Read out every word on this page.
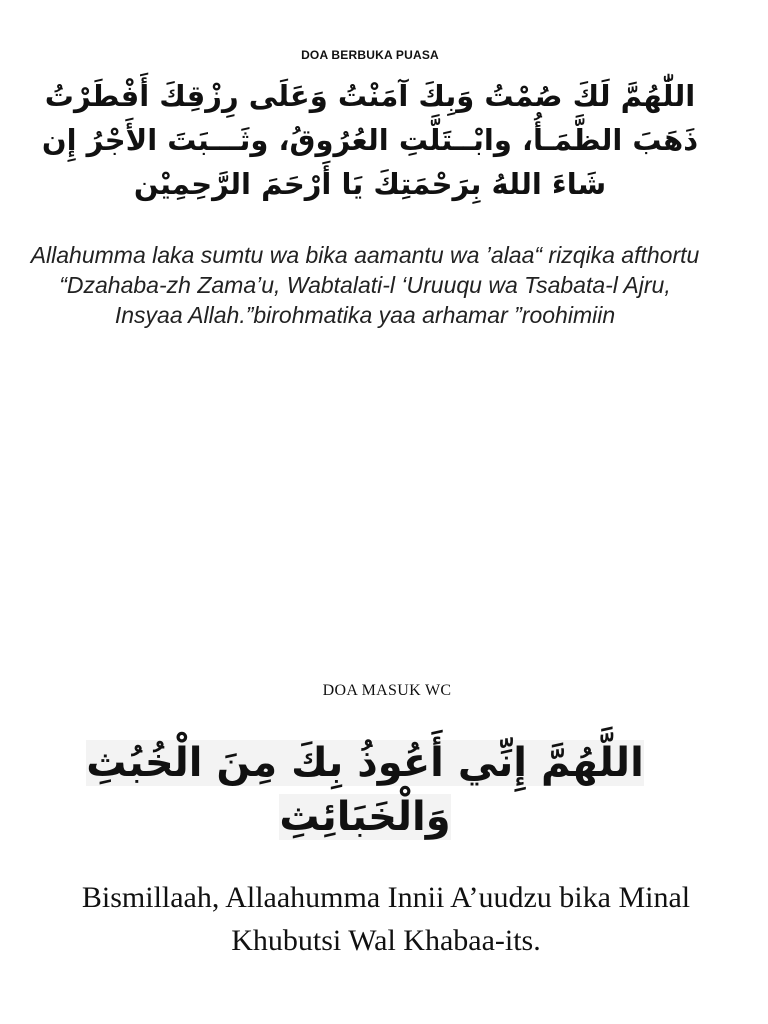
DOA BERBUKA PUASA
اللّٰهُمَّ لَكَ صُمْتُ وَبِكَ آمَنْتُ وَعَلَى رِزْقِكَ أَفْطَرْتُ ذَهَبَ الظَّمَـأُ، وابْــتَلَّتِ العُرُوقُ، وثَـــبَتَ الأَجْرُ إِن شَاءَ اللهُ بِرَحْمَتِكَ يَا أَرْحَمَ الرَّحِمِيْن
Allahumma laka sumtu wa bika aamantu wa ’alaa“ rizqika afthortu “Dzahaba-zh Zama’u, Wabtalati-l ‘Uruuqu wa Tsabata-l Ajru, Insyaa Allah.”birohmatika yaa arhamar ”roohimiin
DOA MASUK WC
اللَّهُمَّ إِنِّي أَعُوذُ بِكَ مِنَ الْخُبُثِ وَالْخَبَائِثِ
Bismillaah, Allaahumma Innii A’uudzu bika Minal Khubutsi Wal Khabaa-its.
